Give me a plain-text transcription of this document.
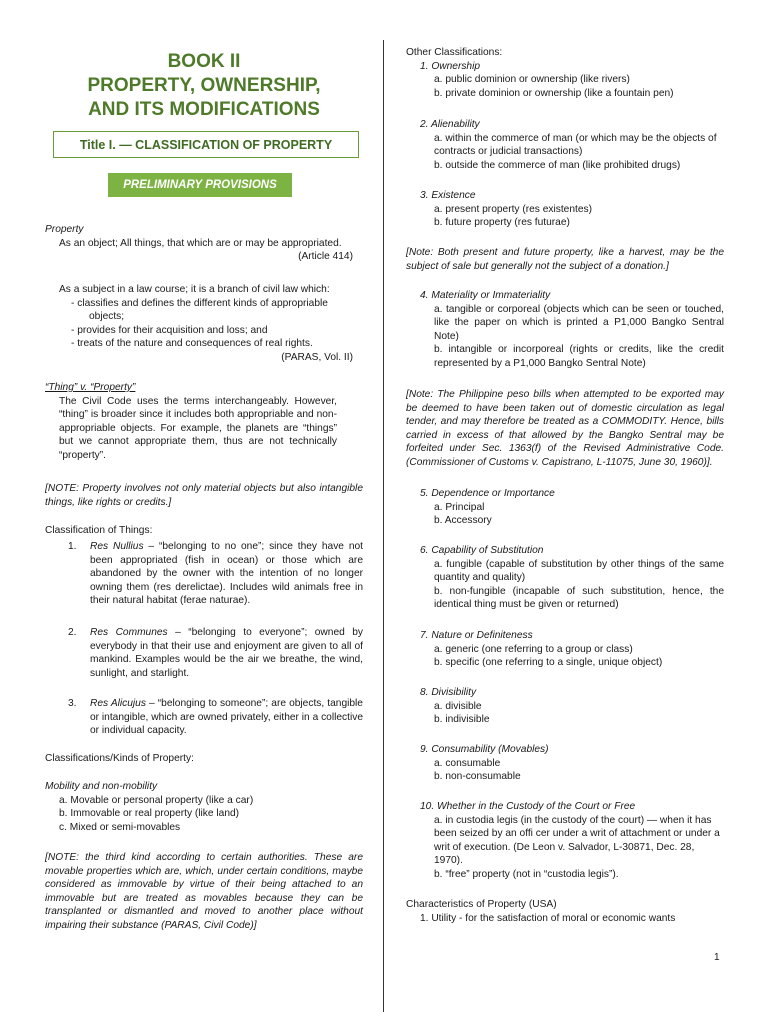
BOOK II
PROPERTY, OWNERSHIP,
AND ITS MODIFICATIONS
Title I. — CLASSIFICATION OF PROPERTY
PRELIMINARY PROVISIONS

Property

As an object; All things, that which are or may be appropriated.

(Article 414)

As a subject in a law course; it is a branch of civil law which:

- classifies and defines the different kinds of appropriable

objects;

- provides for their acquisition and loss; and

- treats of the nature and consequences of real rights.

(PARAS, Vol. II)

“Thing” v. “Property”

The Civil Code uses the terms interchangeably. However, “thing” is broader since it includes both appropriable and non-appropriable objects. For example, the planets are “things” but we cannot appropriate them, thus are not technically “property”.

[NOTE: Property involves not only material objects but also intangible things, like rights or credits.]

Classification of Things:

1.	Res Nullius – “belonging to no one”; since they have not been appropriated (fish in ocean) or those which are abandoned by the owner with the intention of no longer owning them (res derelictae). Includes wild animals free in their natural habitat (ferae naturae).

2.	Res Communes – “belonging to everyone”; owned by everybody in that their use and enjoyment are given to all of mankind. Examples would be the air we breathe, the wind, sunlight, and starlight.

3.	Res Alicujus – “belonging to someone”; are objects, tangible or intangible, which are owned privately, either in a collective or individual capacity.

Classifications/Kinds of Property:

Mobility and non-mobility

a. Movable or personal property (like a car)

b. Immovable or real property (like land)

c. Mixed or semi-movables

[NOTE: the third kind according to certain authorities. These are movable properties which are, which, under certain conditions, maybe considered as immovable by virtue of their being attached to an immovable but are treated as movables because they can be transplanted or dismantled and moved to another place without impairing their substance (PARAS, Civil Code)]

Other Classifications:

1. Ownership

a. public dominion or ownership (like rivers)

b. private dominion or ownership (like a fountain pen)

2. Alienability

a. within the commerce of man (or which may be the objects of contracts or judicial transactions)

b. outside the commerce of man (like prohibited drugs)

3. Existence

a. present property (res existentes)

b. future property (res futurae)

[Note: Both present and future property, like a harvest, may be the subject of sale but generally not the subject of a donation.]

4. Materiality or Immateriality

a. tangible or corporeal (objects which can be seen or touched, like the paper on which is printed a P1,000 Bangko Sentral Note)

b. intangible or incorporeal (rights or credits, like the credit represented by a P1,000 Bangko Sentral Note)

[Note: The Philippine peso bills when attempted to be exported may be deemed to have been taken out of domestic circulation as legal tender, and may therefore be treated as a COMMODITY. Hence, bills carried in excess of that allowed by the Bangko Sentral may be forfeited under Sec. 1363(f) of the Revised Administrative Code. (Commissioner of Customs v. Capistrano, L-11075, June 30, 1960)].

5. Dependence or Importance

a. Principal

b. Accessory

6. Capability of Substitution

a. fungible (capable of substitution by other things of the same quantity and quality)

b. non-fungible (incapable of such substitution, hence, the identical thing must be given or returned)

7. Nature or Definiteness

a. generic (one referring to a group or class)

b. specific (one referring to a single, unique object)

8. Divisibility

a. divisible

b. indivisible

9. Consumability (Movables)

a. consumable

b. non-consumable

10. Whether in the Custody of the Court or Free

a. in custodia legis (in the custody of the court) — when it has been seized by an offi cer under a writ of attachment or under a writ of execution. (De Leon v. Salvador, L-30871, Dec. 28, 1970).

b. “free” property (not in “custodia legis”).

Characteristics of Property (USA)

1. Utility - for the satisfaction of moral or economic wants

1
